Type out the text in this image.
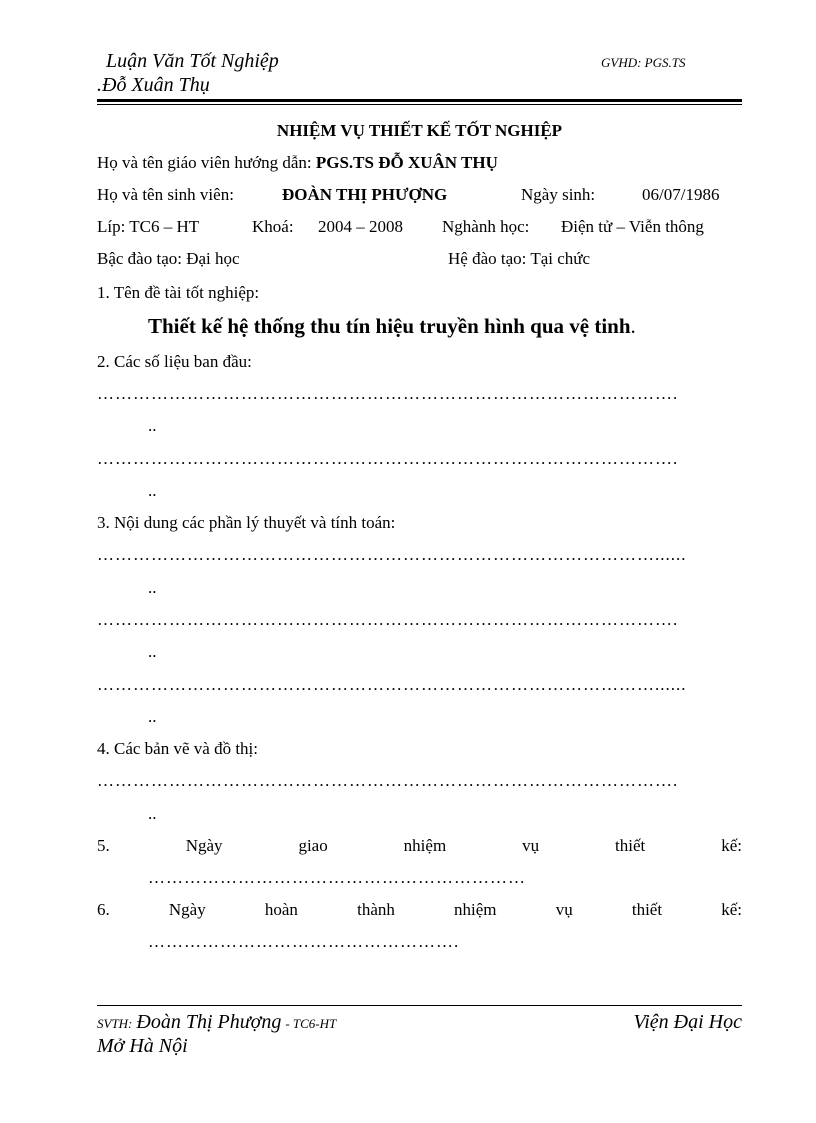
Luận Văn Tốt Nghiệp
.Đỗ Xuân Thụ
GVHD: PGS.TS
NHIỆM VỤ THIẾT KẾ TỐT NGHIỆP
Họ và tên giáo viên hướng dẫn: PGS.TS ĐỖ XUÂN THỤ
Họ và tên sinh viên:	ĐOÀN THỊ PHƯỢNG	Ngày sinh:	06/07/1986
Líp: TC6 – HT	Khoá: 2004 – 2008 Nghành học: Điện tử – Viễn thông
Bậc đào tạo: Đại học	Hệ đào tạo: Tại chức
1. Tên đề tài tốt nghiệp:
Thiết kế hệ thống thu tín hiệu truyền hình qua vệ tinh.
2. Các số liệu ban đầu:
…………………………………………………………………………………….
..
…………………………………………………………………………………….
..
3. Nội dung các phần lý thuyết và tính toán:
…………………………………………………………………………………......
..
…………………………………………………………………………………….
..
…………………………………………………………………………………......
..
4. Các bản vẽ và đồ thị:
…………………………………………………………………………………….
..
5.	Ngày	giao	nhiệm	vụ	thiết	kế:
………………………………………………………
6.	Ngày	hoàn	thành	nhiệm	vụ	thiết	kế:
…………………………………………….
SVTH: Đoàn Thị Phượng - TC6-HT	Viện Đại Học
Mở Hà Nội
